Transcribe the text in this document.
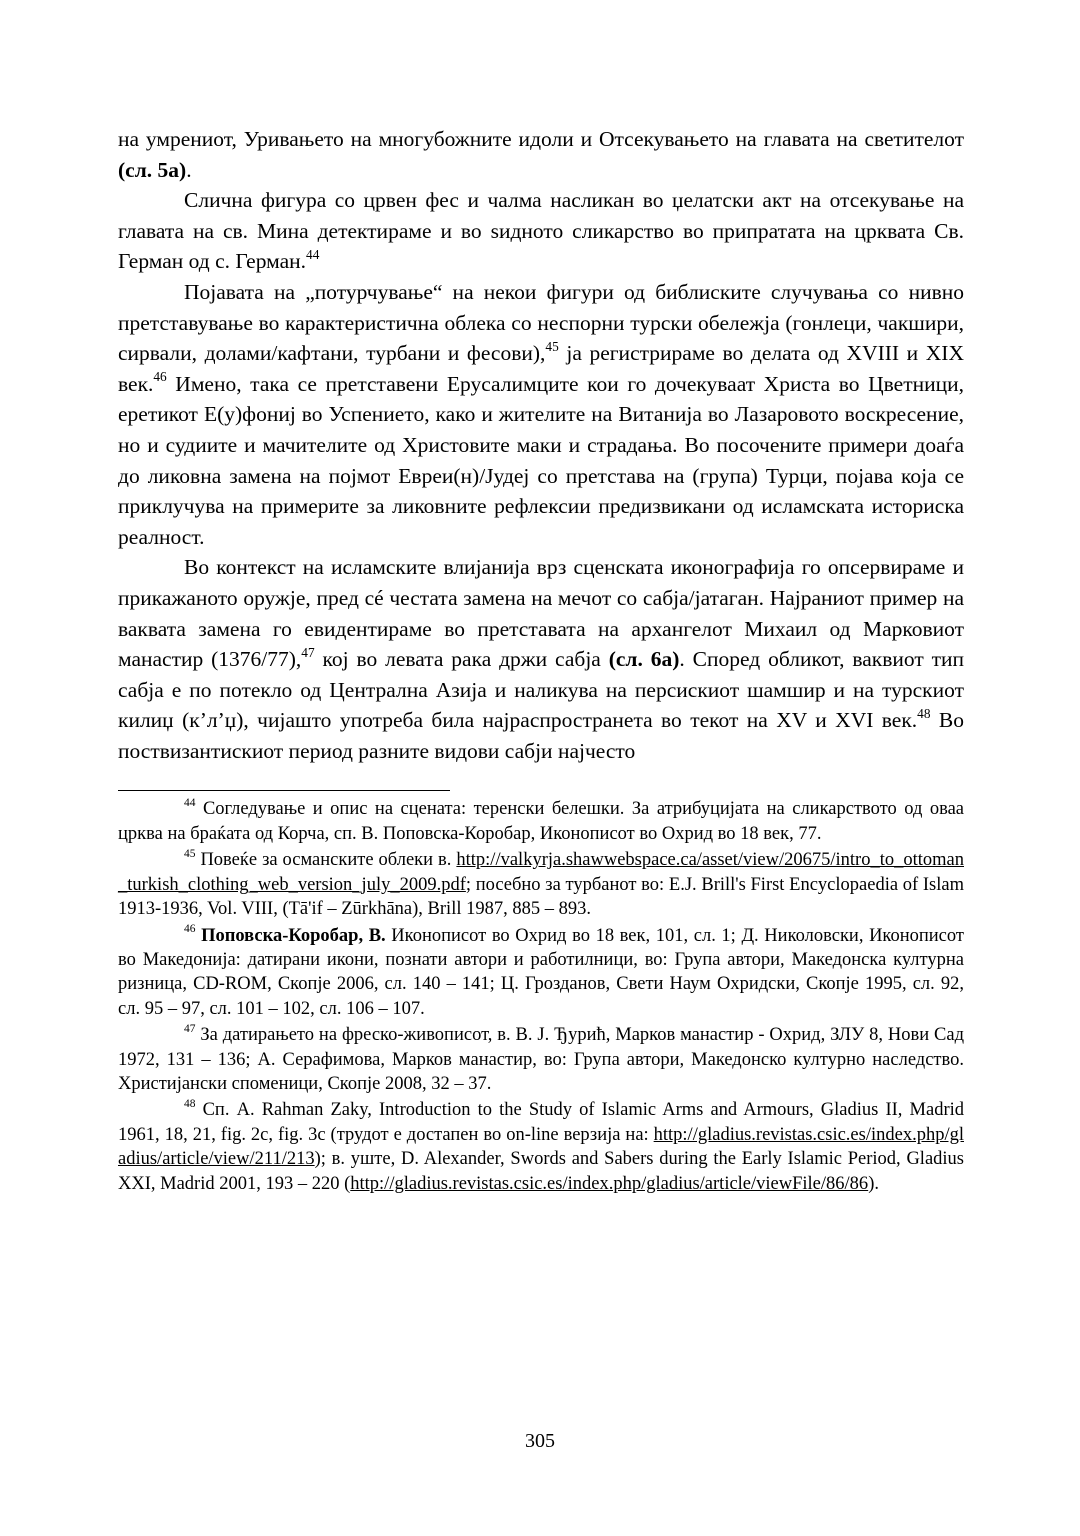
на умрениот, Уривањето на многубожните идоли и Отсекувањето на главата на светителот (сл. 5а).

Слична фигура со црвен фес и чалма насликан во џелатски акт на отсекување на главата на св. Мина детектираме и во ѕидното сликарство во припратата на црквата Св. Герман од с. Герман.$^{44}$

Појавата на „потурчување“ на некои фигури од библиските случувања со нивно претставување во карактеристична облека со неспорни турски обележја (гонлеци, чакшири, сирвали, долами/кафтани, турбани и фесови),$^{45}$ ја регистрираме во делата од XVIII и XIX век.$^{46}$ Имено, така се претставени Ерусалимците кои го дочекуваат Христа во Цветници, еретикот Е(у)фониј во Успението, како и жителите на Витанија во Лазаровото воскресение, но и судиите и мачителите од Христовите маки и страдања. Во посочените примери доаѓа до ликовна замена на појмот Евреи(н)/Јудеј со претстава на (група) Турци, појава која се приклучува на примерите за ликовните рефлексии предизвикани од исламската историска реалност.

Во контекст на исламските влијанија врз сценската иконографија го опсервираме и прикажаното оружје, пред сé честата замена на мечот со сабја/јатаган. Најраниот пример на ваквата замена го евидентираме во претставата на архангелот Михаил од Марковиот манастир (1376/77),$^{47}$ кој во левата рака држи сабја (сл. 6а). Според обликот, ваквиот тип сабја е по потекло од Централна Азија и наликува на персискиот шамшир и на турскиот килиџ (к’л’џ), чијашто употреба била најраспространета во текот на XV и XVI век.$^{48}$ Во поствизантискиот период разните видови сабји најчесто

$^{44}$ Согледување и опис на сцената: теренски белешки. За атрибуцијата на сликарството од оваа црква на браќата од Корча, сп. В. Поповска-Коробар, Иконописот во Охрид во 18 век, 77.

$^{45}$ Повеќе за османските облеки в. http://valkyrja.shawwebspace.ca/asset/view/20675/intro_to_ottoman_turkish_clothing_web_version_july_2009.pdf; посебно за турбанот во: E.J. Brill's First Encyclopaedia of Islam 1913-1936, Vol. VIII, (Tā'if – Zūrkhāna), Brill 1987, 885 – 893.

$^{46}$ Поповска-Коробар, В. Иконописот во Охрид во 18 век, 101, сл. 1; Д. Николовски, Иконописот во Македонија: датирани икони, познати автори и работилници, во: Група автори, Македонска културна ризница, CD-ROM, Скопје 2006, сл. 140 – 141; Ц. Грозданов, Свети Наум Охридски, Скопје 1995, сл. 92, сл. 95 – 97, сл. 101 – 102, сл. 106 – 107.

$^{47}$ За датирањето на фреско-живописот, в. В. Ј. Ђурић, Марков манастир - Охрид, ЗЛУ 8, Нови Сад 1972, 131 – 136; А. Серафимова, Марков манастир, во: Група автори, Македонско културно наследство. Христијански споменици, Скопје 2008, 32 – 37.

$^{48}$ Сп. A. Rahman Zaky, Introduction to the Study of Islamic Arms and Armours, Gladius II, Madrid 1961, 18, 21, fig. 2c, fig. 3c (трудот е достапен во on-line верзија на: http://gladius.revistas.csic.es/index.php/gladius/article/view/211/213); в. уште, D. Alexander, Swords and Sabers during the Early Islamic Period, Gladius XXI, Madrid 2001, 193 – 220 (http://gladius.revistas.csic.es/index.php/gladius/article/viewFile/86/86).

305
